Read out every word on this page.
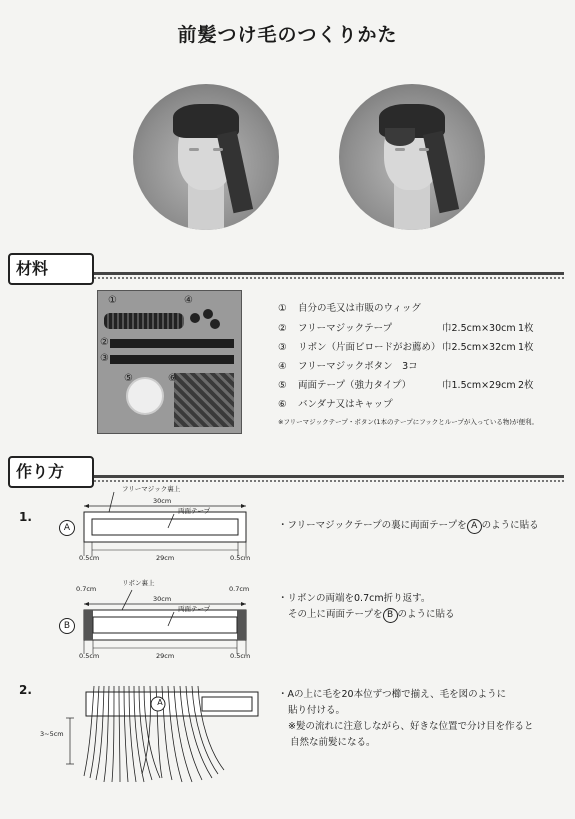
前髪つけ毛のつくりかた
材料
①	④
②
③
⑤	⑥
① 自分の毛又は市販のウィッグ
② フリーマジックテープ	巾2.5cm×30cm 1枚
③ リボン（片面ビロードがお薦め）巾2.5cm×32cm 1枚
④ フリーマジックボタン　3コ
⑤ 両面テープ（強力タイプ）	巾1.5cm×29cm 2枚
⑥ バンダナ又はキャップ
※フリーマジックテープ・ボタン(1本のテープにフックとループが入っている物)が便利。
作り方
1.
A
フリーマジック裏上
30cm
両面テープ
0.5cm	29cm	0.5cm
・フリーマジックテープの裏に両面テープを A のように貼る
B
0.7cm
リボン裏上
0.7cm
30cm
両面テープ
0.5cm	29cm	0.5cm
・リボンの両端を0.7cm折り返す。
その上に両面テープを B のように貼る
2.
A
3~5cm
・Aの上に毛を20本位ずつ櫛で揃え、毛を図のように
貼り付ける。
※髪の流れに注意しながら、好きな位置で分け目を作ると
自然な前髪になる。
